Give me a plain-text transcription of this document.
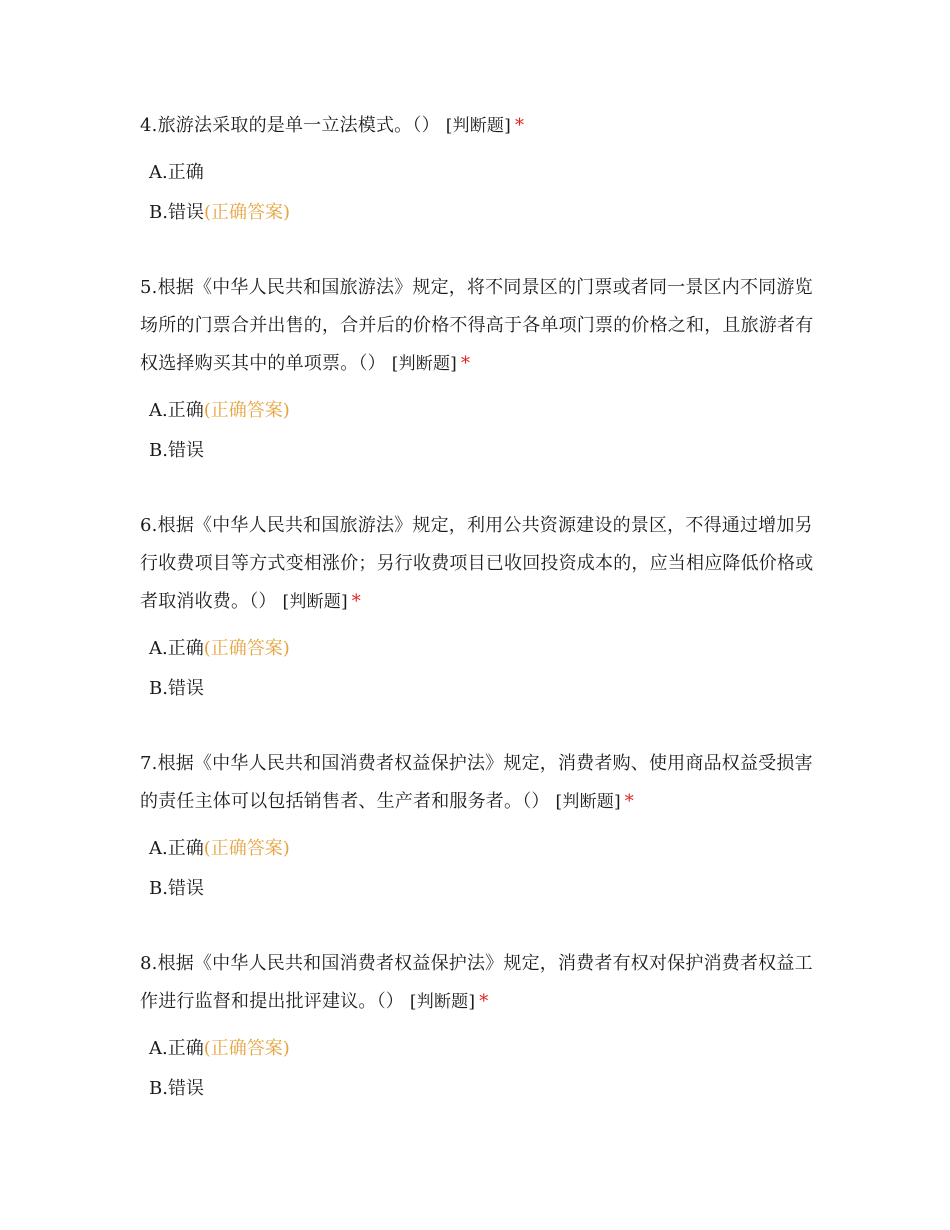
4.旅游法采取的是单一立法模式。（） [判断题] *

A.正确

B.错误(正确答案)

5.根据《中华人民共和国旅游法》规定，将不同景区的门票或者同一景区内不同游览场所的门票合并出售的，合并后的价格不得高于各单项门票的价格之和，且旅游者有权选择购买其中的单项票。（） [判断题] *

A.正确(正确答案)

B.错误

6.根据《中华人民共和国旅游法》规定，利用公共资源建设的景区，不得通过增加另行收费项目等方式变相涨价；另行收费项目已收回投资成本的，应当相应降低价格或者取消收费。（） [判断题] *

A.正确(正确答案)

B.错误

7.根据《中华人民共和国消费者权益保护法》规定，消费者购、使用商品权益受损害的责任主体可以包括销售者、生产者和服务者。（） [判断题] *

A.正确(正确答案)

B.错误

8.根据《中华人民共和国消费者权益保护法》规定，消费者有权对保护消费者权益工作进行监督和提出批评建议。（） [判断题] *

A.正确(正确答案)

B.错误
